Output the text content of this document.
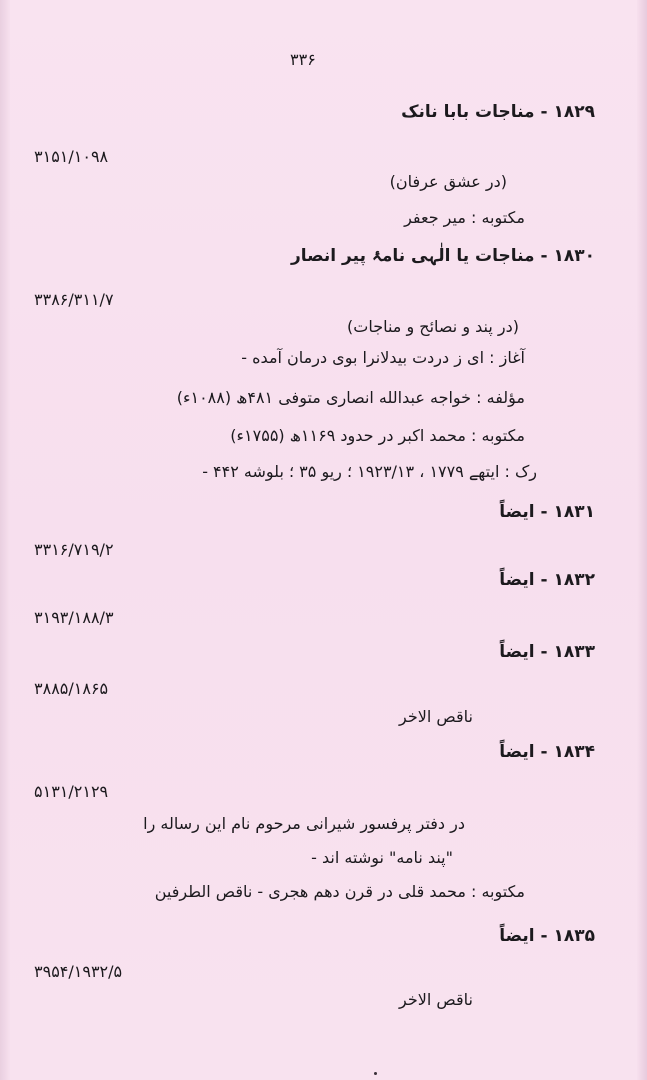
۳۳۶
۱۸۲۹ - مناجات بابا نانک
۳۱۵۱/۱۰۹۸
(در عشق عرفان)
مکتوبه : میر جعفر
۱۸۳۰ - مناجات یا الٰہی نامۂ پیر انصار
۳۳۸۶/۳۱۱/۷
(در پند و نصائح و مناجات)
آغاز : ای ز دردت بیدلانرا بوی درمان آمده -
مؤلفه : خواجه عبدالله انصاری متوفی ۴۸۱ھ (۱۰۸۸ء)
مکتوبه : محمد اکبر در حدود ۱۱۶۹ھ (۱۷۵۵ء)
رک : ایتھے ۱۷۷۹ ، ۱۹۲۳/۱۳ ؛ ریو ۳۵ ؛ بلوشه ۴۴۲ -
۱۸۳۱ - ایضاً
۳۳۱۶/۷۱۹/۲
۱۸۳۲ - ایضاً
۳۱۹۳/۱۸۸/۳
۱۸۳۳ - ایضاً
۳۸۸۵/۱۸۶۵
ناقص الاخر
۱۸۳۴ - ایضاً
۵۱۳۱/۲۱۲۹
در دفتر پرفسور شیرانی مرحوم نام این رساله را
"پند نامه" نوشته اند -
مکتوبه : محمد قلی در قرن دهم هجری - ناقص الطرفین
۱۸۳۵ - ایضاً
۳۹۵۴/۱۹۳۲/۵
ناقص الاخر
